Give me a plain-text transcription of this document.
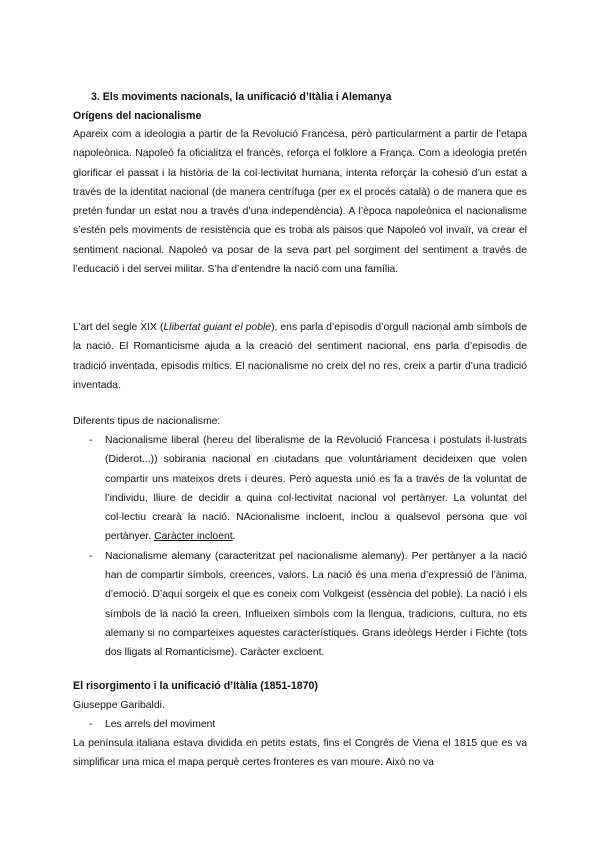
3. Els moviments nacionals, la unificació d’Itàlia i Alemanya
Orígens del nacionalisme

Apareix com a ideologia a partir de la Revolució Francesa, però particularment a partir de l’etapa napoleònica. Napoleó fa oficialitza el francès, reforça el folklore a França. Com a ideologia pretén glorificar el passat i la història de la col·lectivitat humana, intenta reforçar la cohesió d’un estat a través de la identitat nacional (de manera centrífuga (per ex el procés català) o de manera que es pretén fundar un estat nou a través d’una independència). A l’època napoleònica el nacionalisme s’estén pels moviments de resistència que es troba als paisos que Napoleó vol invaïr, va crear el sentiment nacional. Napoleó va posar de la seva part pel sorgiment del sentiment a través de l’educació i del servei militar. S’ha d’entendre la nació com una família.

L’art del segle XIX (Llibertat guiant el poble), ens parla d’episodis d’orgull nacional amb símbols de la nació. El Romanticisme ajuda a la creació del sentiment nacional, ens parla d’episodis de tradició inventada, episodis mítics. El nacionalisme no creix del no res, creix a partir d’una tradició inventada.

Diferents tipus de nacionalisme:

- Nacionalisme liberal (hereu del liberalisme de la Revolució Francesa i postulats il·lustrats (Diderot...)) sobirania nacional en ciutadans que voluntàriament decideixen que volen compartir uns mateixos drets i deures. Però aquesta unió es fa a través de la voluntat de l’individu, lliure de decidir a quina col·lectivitat nacional vol pertànyer. La voluntat del col·lectiu crearà la nació. NAcionalisme incloent, inclou a qualsevol persona que vol pertànyer. Caràcter incloent.

- Nacionalisme alemany (caracteritzat pel nacionalisme alemany). Per pertànyer a la nació han de compartir símbols, creences, valors. La nació és una mena d’expressió de l’ànima, d’emoció. D’aquí sorgeix el que es coneix com Volkgeist (essència del poble). La nació i els símbols de la nació la creen. Influeixen símbols com la llengua, tradicions, cultura, no ets alemany si no comparteixes aquestes característiques. Grans ideòlegs Herder i Fichte (tots dos lligats al Romanticisme). Caràcter excloent.

El risorgimento i la unificació d’Itàlia (1851-1870)

Giuseppe Garibaldi.

- Les arrels del moviment

La península italiana estava dividida en petits estats, fins el Congrés de Viena el 1815 que es va simplificar una mica el mapa perquè certes fronteres es van moure. Això no va
